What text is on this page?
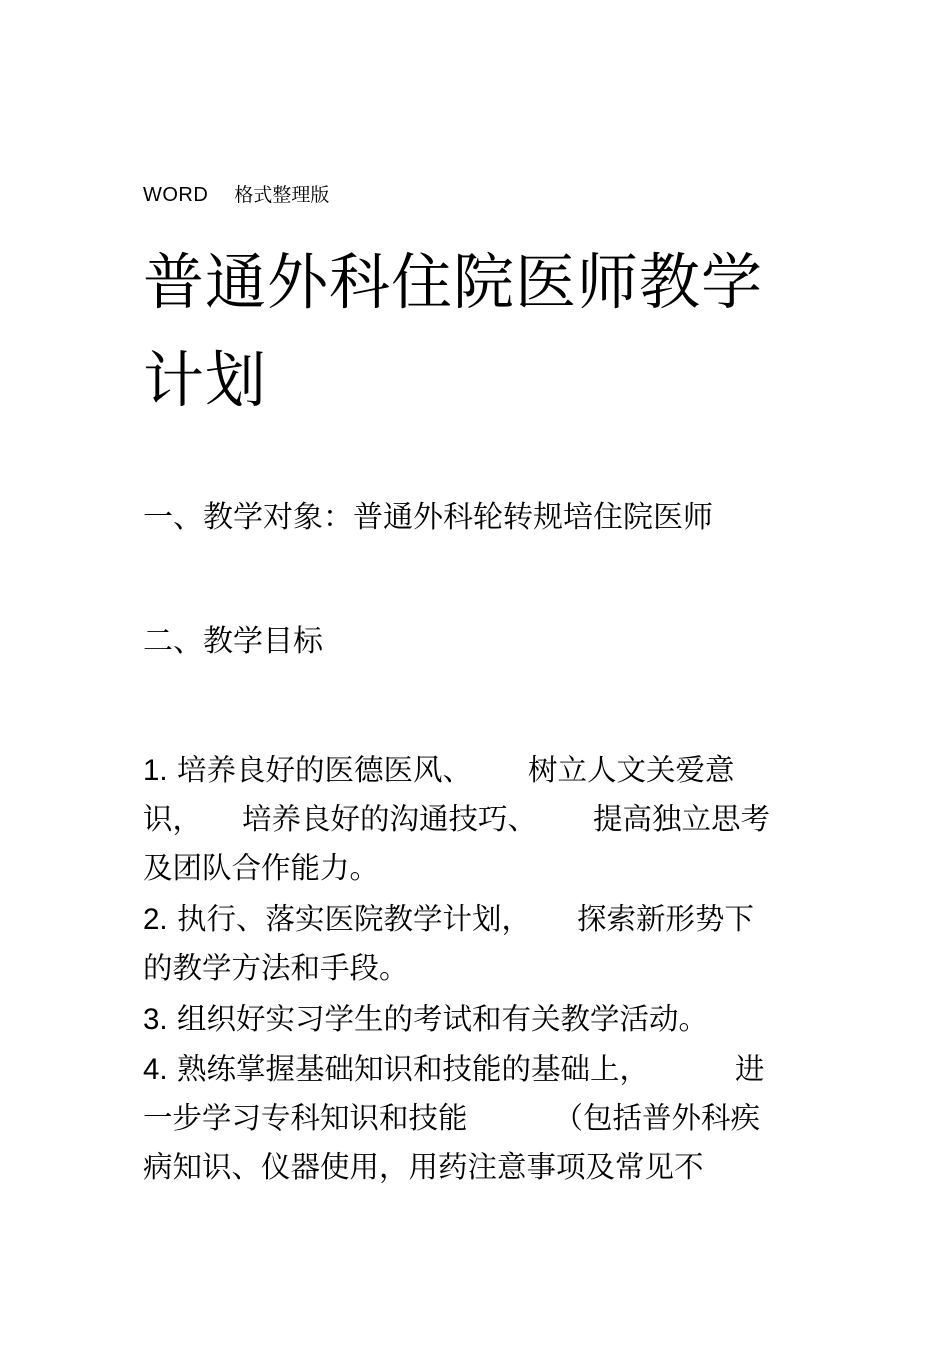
WORD 格式整理版
普通外科住院医师教学
计划
一、教学对象：普通外科轮转规培住院医师
二、教学目标

1. 培养良好的医德医风、 树立人文关爱意
识， 培养良好的沟通技巧、 提高独立思考
及团队合作能力。

2. 执行、落实医院教学计划， 探索新形势下
的教学方法和手段。

3. 组织好实习学生的考试和有关教学活动。

4. 熟练掌握基础知识和技能的基础上，	进
一步学习专科知识和技能	（包括普外科疾
病知识、仪器使用，用药注意事项及常见不
